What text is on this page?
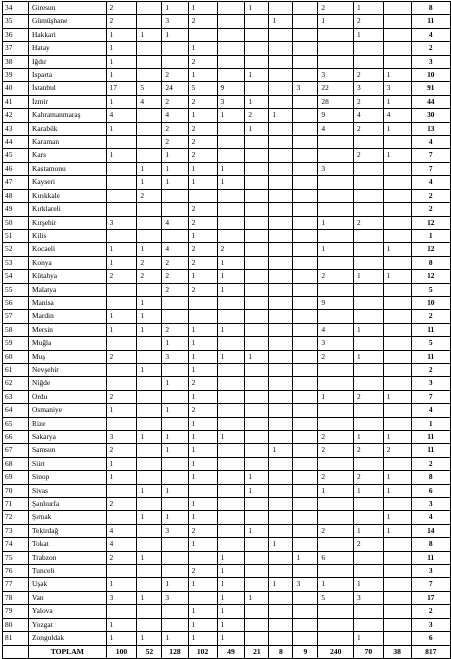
34	Giresun	2		1	1		1			2	1		8
35	Gümüşhane	2		3	2			1		1	2		11
36	Hakkari	1	1	1							1		4
37	Hatay	1			1								2
38	Iğdır	1			2								3
39	Isparta	1		2	1		1			3	2	1	10
40	İstanbul	17	5	24	5	9			3	22	3	3	91
41	İzmir	1	4	2	2	3	1			28	2	1	44
42	Kahramanmaraş	4		4	1	1	2	1		9	4	4	30
43	Karabük	1		2	2		1			4	2	1	13
44	Karaman			2	2								4
45	Kars	1		1	2						2	1	7
46	Kastamonu		1	1	1	1				3			7
47	Kayseri		1	1	1	1							4
48	Kırıkkale		2										2
49	Kırklareli				2								2
50	Kırşehir	3		4	2					1	2		12
51	Kilis				1								1
52	Kocaeli	1	1	4	2	2				1		1	12
53	Konya	1	2	2	2	1							8
54	Kütahya	2	2	2	1	1				2	1	1	12
55	Malatya			2	2	1							5
56	Manisa		1							9			10
57	Mardin	1	1										2
58	Mersin	1	1	2	1	1				4	1		11
59	Muğla			1	1					3			5
60	Muş	2		3	1	1	1			2	1		11
61	Nevşehir		1		1								2
62	Niğde			1	2								3
63	Ordu	2			1					1	2	1	7
64	Osmaniye	1		1	2								4
65	Rize				1								1
66	Sakarya	3	1	1	1	1				2	1	1	11
67	Samsun	2		1	1			1		2	2	2	11
68	Siirt	1			1								2
69	Sinop	1			1		1			2	2	1	8
70	Sivas		1	1			1			1	1	1	6
71	Şanlıurfa	2			1								3
72	Şırnak		1	1	1							1	4
73	Tekirdağ	4		3	2		1			2	1	1	14
74	Tokat	4			1			1			2		8
75	Trabzon	2	1			1			1	6			11
76	Tunceli				2	1							3
77	Uşak	1		1	1	1		1	3	1	1		7
78	Van	3	1	3		1	1			5	3		17
79	Yalova				1	1							2
80	Yozgat	1			1	1							3
81	Zonguldak	1	1	1	1	1					1		6
	TOPLAM	100	52	128	102	49	21	8	9	240	70	38	817
